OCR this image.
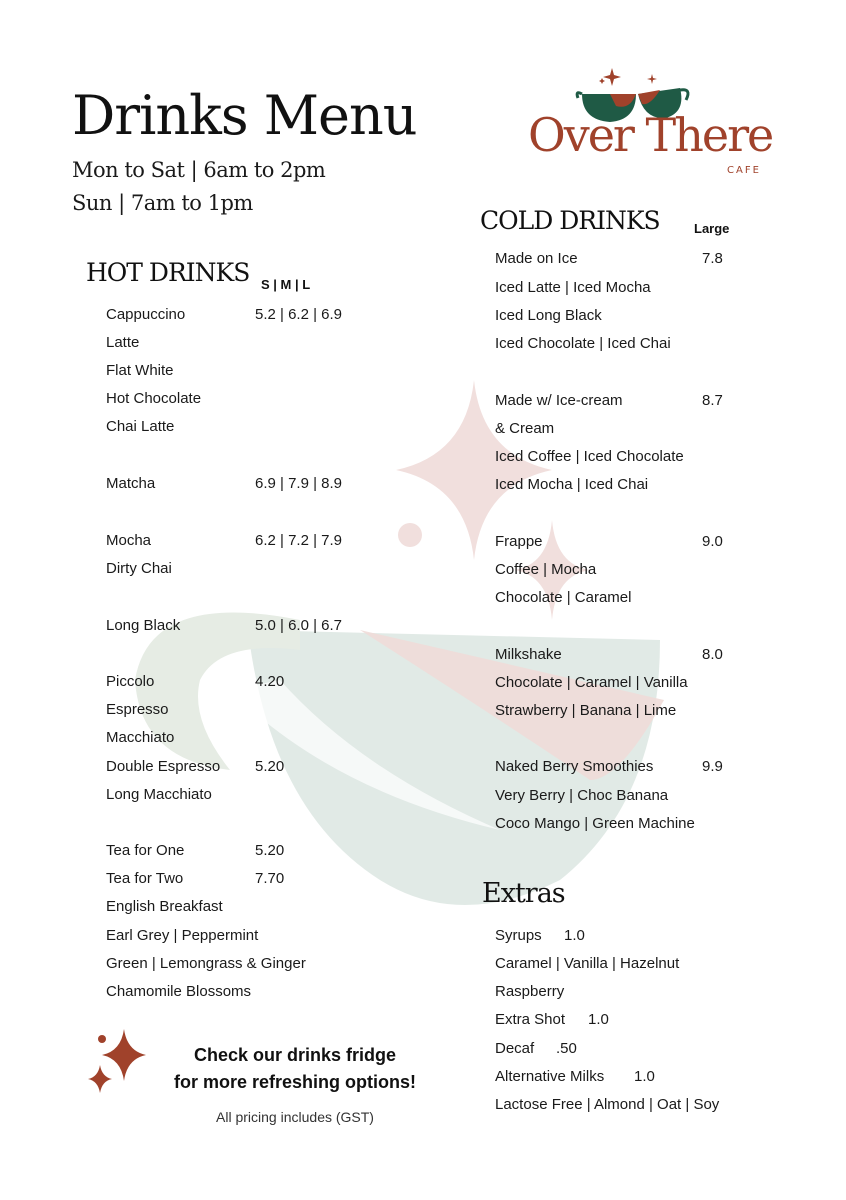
Drinks Menu
Mon to Sat | 6am to 2pm
Sun | 7am to 1pm
Over There
CAFE
HOT DRINKS S | M | L
Cappuccino
Latte
Flat White
Hot Chocolate
Chai Latte
Matcha
Mocha
Dirty Chai
Long Black
Piccolo
Espresso
Macchiato
Double Espresso
Long Macchiato
Tea for One
Tea for Two
English Breakfast
Earl Grey | Peppermint
Green | Lemongrass & Ginger
Chamomile Blossoms
5.2 | 6.2 | 6.9
6.9 | 7.9 | 8.9
6.2 | 7.2 | 7.9
5.0 | 6.0 | 6.7
4.20
5.20
5.20
7.70
COLD DRINKS	Large
Made on Ice
Iced Latte | Iced Mocha
Iced Long Black
Iced Chocolate | Iced Chai
Made w/ Ice-cream
& Cream
Iced Coffee | Iced Chocolate
Iced Mocha | Iced Chai
Frappe
Coffee | Mocha
Chocolate | Caramel
Milkshake
Chocolate | Caramel | Vanilla
Strawberry | Banana | Lime
Naked Berry Smoothies
Very Berry | Choc Banana
Coco Mango | Green Machine
7.8
8.7
9.0
8.0
9.9
Extras
Syrups
Caramel | Vanilla | Hazelnut
Raspberry
Extra Shot
Decaf
Alternative Milks
Lactose Free | Almond | Oat | Soy
1.0
1.0
.50
1.0
Check our drinks fridge
for more refreshing options!
All pricing includes (GST)
